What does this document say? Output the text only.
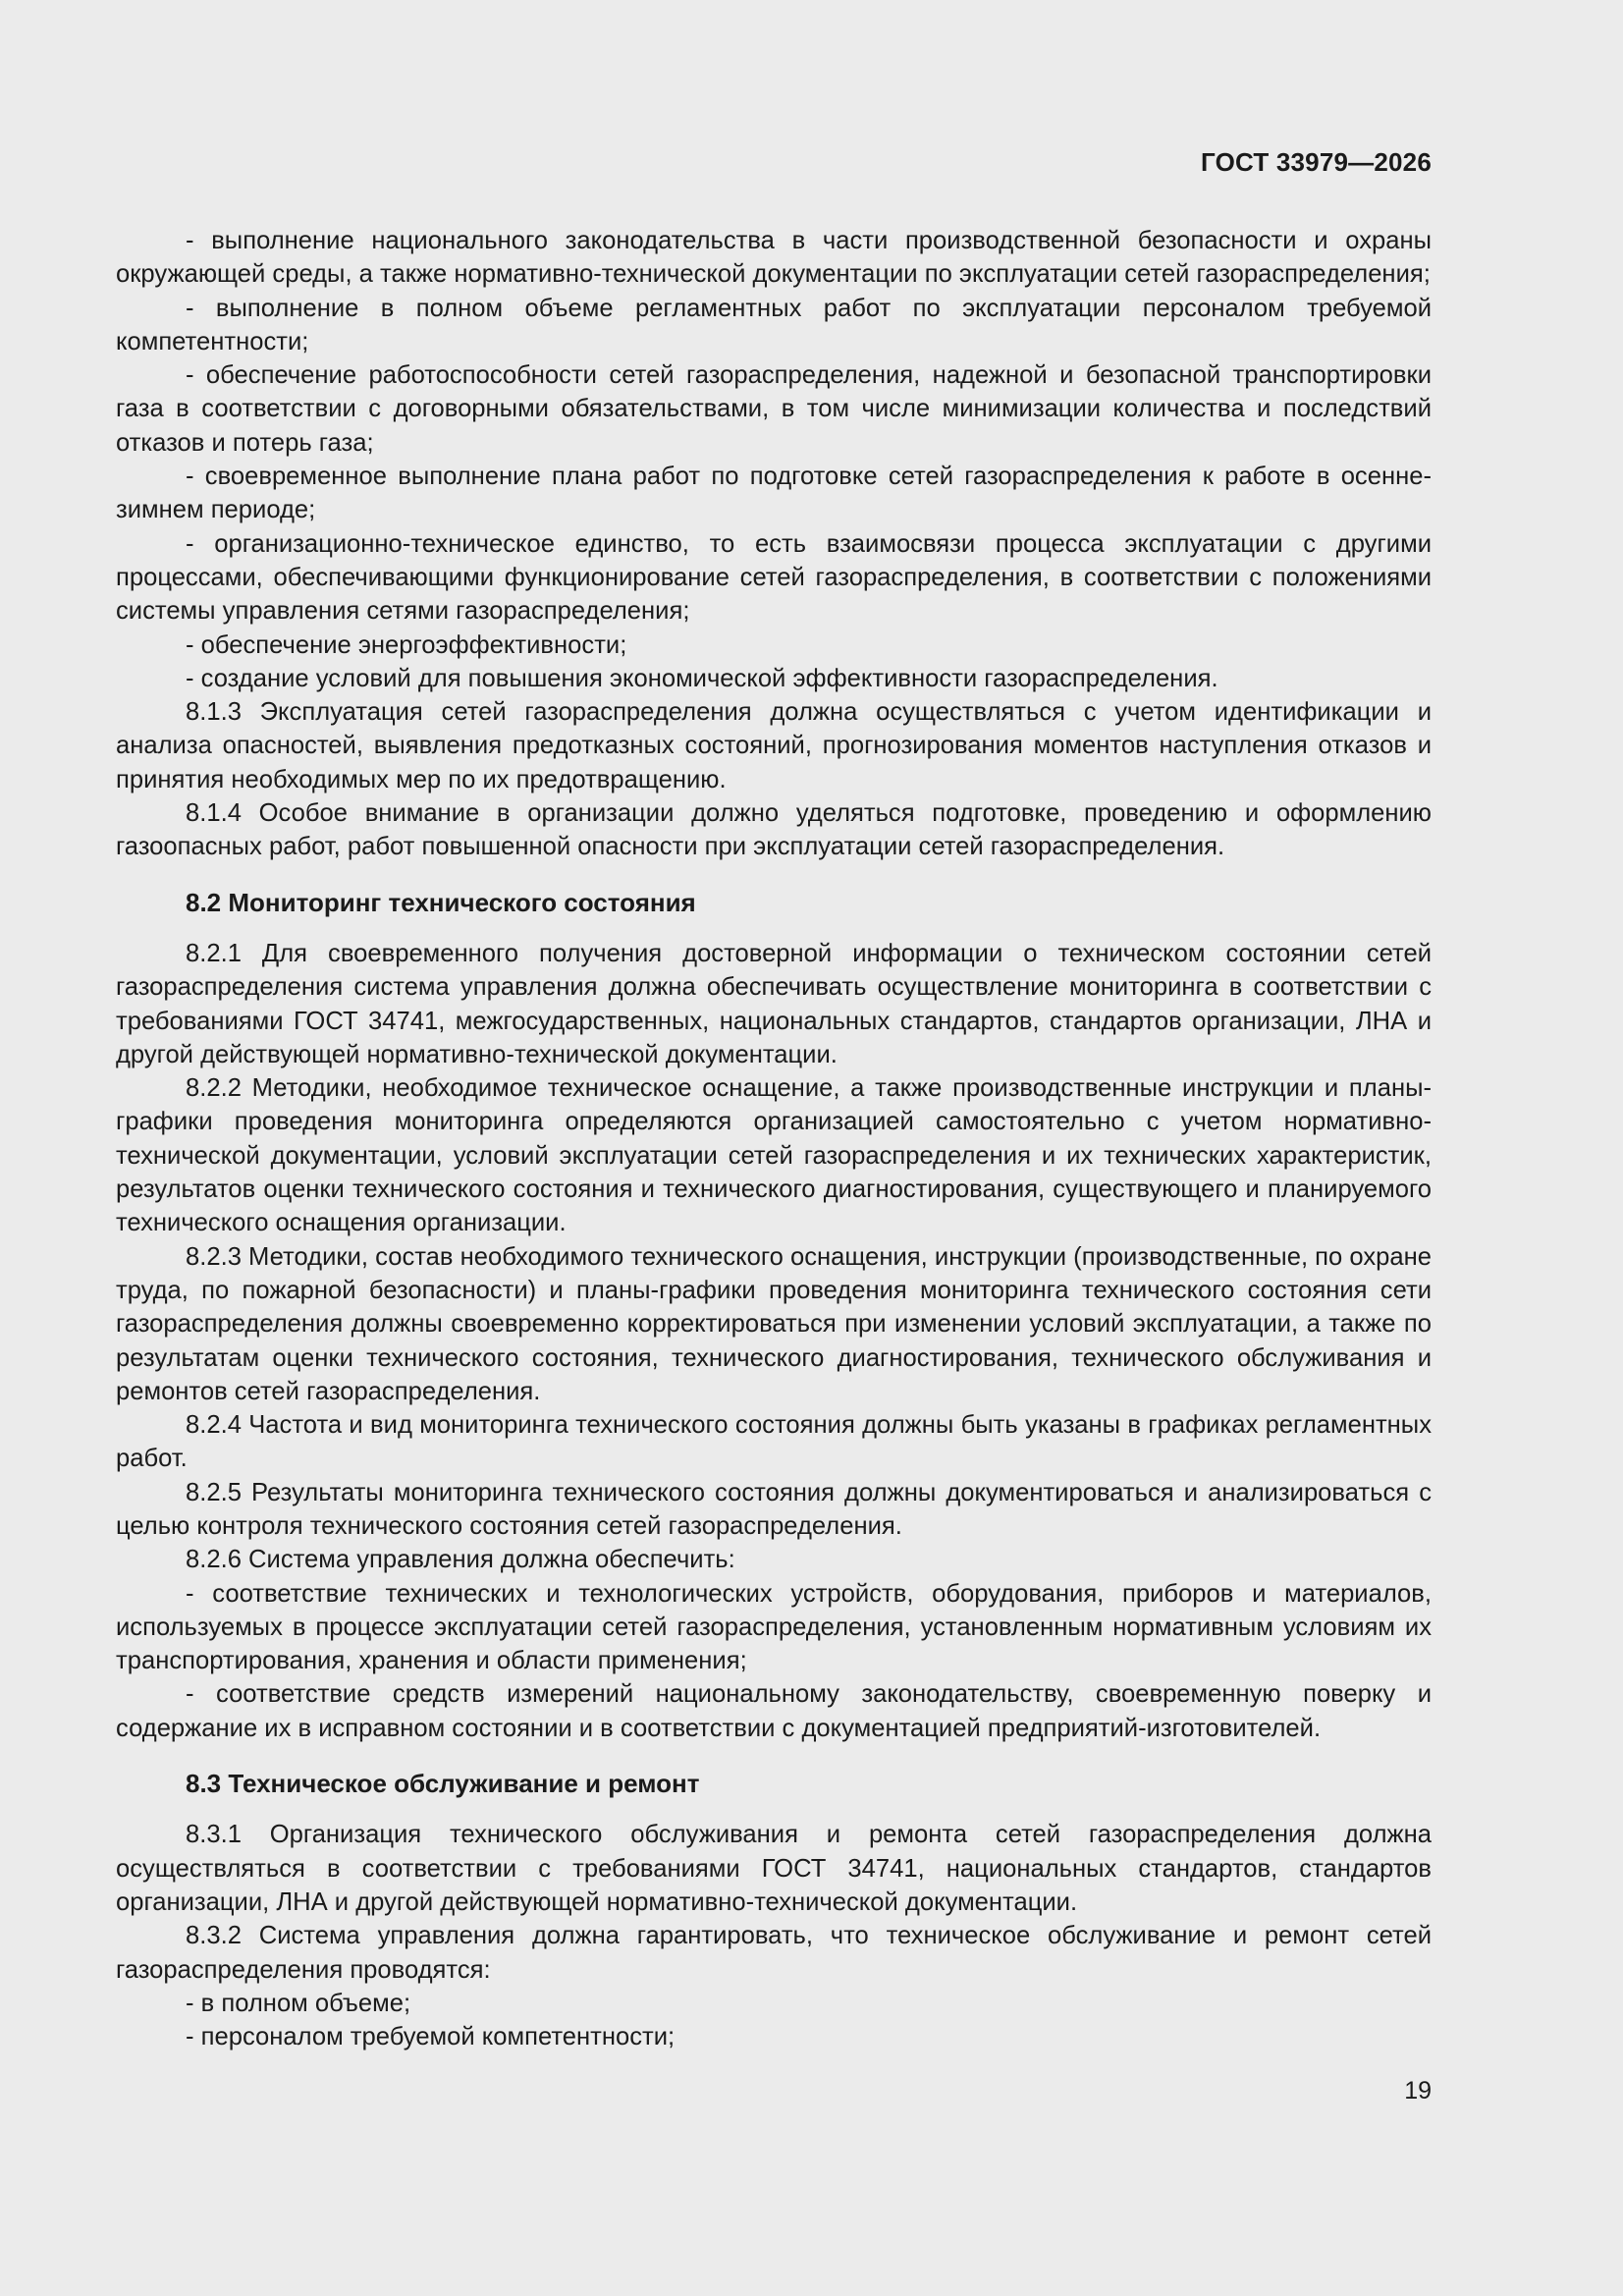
ГОСТ 33979—2026

- выполнение национального законодательства в части производственной безопасности и охраны окружающей среды, а также нормативно-технической документации по эксплуатации сетей газораспределения;

- выполнение в полном объеме регламентных работ по эксплуатации персоналом требуемой компетентности;

- обеспечение работоспособности сетей газораспределения, надежной и безопасной транспортировки газа в соответствии с договорными обязательствами, в том числе минимизации количества и последствий отказов и потерь газа;

- своевременное выполнение плана работ по подготовке сетей газораспределения к работе в осенне-зимнем периоде;

- организационно-техническое единство, то есть взаимосвязи процесса эксплуатации с другими процессами, обеспечивающими функционирование сетей газораспределения, в соответствии с положениями системы управления сетями газораспределения;

- обеспечение энергоэффективности;

- создание условий для повышения экономической эффективности газораспределения.

8.1.3 Эксплуатация сетей газораспределения должна осуществляться с учетом идентификации и анализа опасностей, выявления предотказных состояний, прогнозирования моментов наступления отказов и принятия необходимых мер по их предотвращению.

8.1.4 Особое внимание в организации должно уделяться подготовке, проведению и оформлению газоопасных работ, работ повышенной опасности при эксплуатации сетей газораспределения.

8.2 Мониторинг технического состояния

8.2.1 Для своевременного получения достоверной информации о техническом состоянии сетей газораспределения система управления должна обеспечивать осуществление мониторинга в соответствии с требованиями ГОСТ 34741, межгосударственных, национальных стандартов, стандартов организации, ЛНА и другой действующей нормативно-технической документации.

8.2.2 Методики, необходимое техническое оснащение, а также производственные инструкции и планы-графики проведения мониторинга определяются организацией самостоятельно с учетом нормативно-технической документации, условий эксплуатации сетей газораспределения и их технических характеристик, результатов оценки технического состояния и технического диагностирования, существующего и планируемого технического оснащения организации.

8.2.3 Методики, состав необходимого технического оснащения, инструкции (производственные, по охране труда, по пожарной безопасности) и планы-графики проведения мониторинга технического состояния сети газораспределения должны своевременно корректироваться при изменении условий эксплуатации, а также по результатам оценки технического состояния, технического диагностирования, технического обслуживания и ремонтов сетей газораспределения.

8.2.4 Частота и вид мониторинга технического состояния должны быть указаны в графиках регламентных работ.

8.2.5 Результаты мониторинга технического состояния должны документироваться и анализироваться с целью контроля технического состояния сетей газораспределения.

8.2.6 Система управления должна обеспечить:

- соответствие технических и технологических устройств, оборудования, приборов и материалов, используемых в процессе эксплуатации сетей газораспределения, установленным нормативным условиям их транспортирования, хранения и области применения;

- соответствие средств измерений национальному законодательству, своевременную поверку и содержание их в исправном состоянии и в соответствии с документацией предприятий-изготовителей.

8.3 Техническое обслуживание и ремонт

8.3.1 Организация технического обслуживания и ремонта сетей газораспределения должна осуществляться в соответствии с требованиями ГОСТ 34741, национальных стандартов, стандартов организации, ЛНА и другой действующей нормативно-технической документации.

8.3.2 Система управления должна гарантировать, что техническое обслуживание и ремонт сетей газораспределения проводятся:

- в полном объеме;

- персоналом требуемой компетентности;

19
